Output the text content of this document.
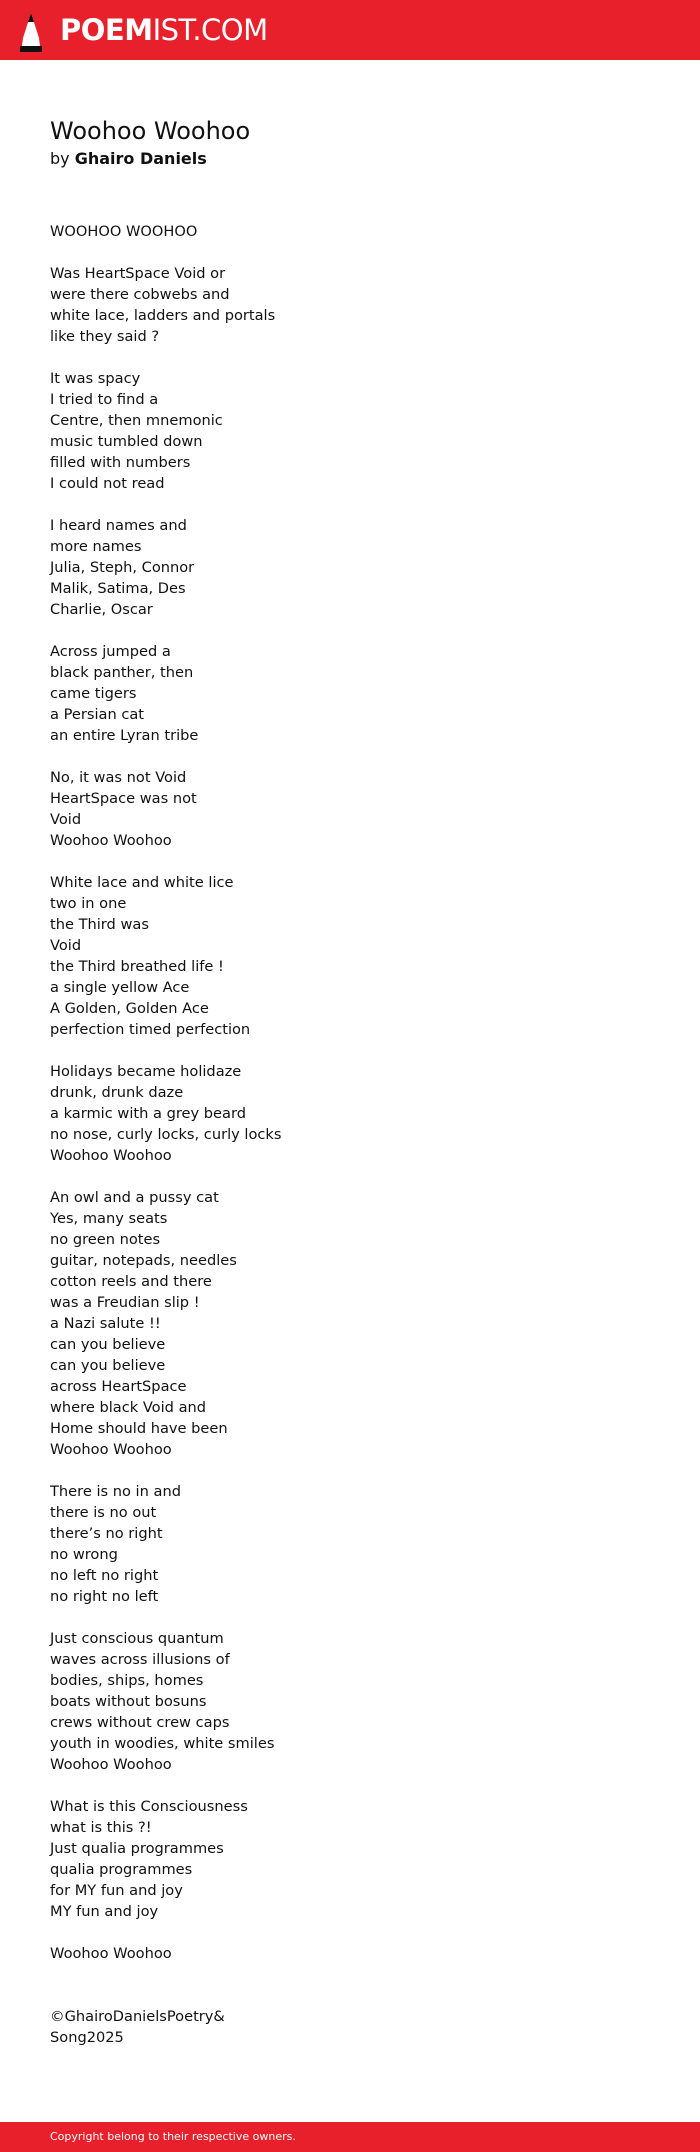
POEMIST.COM
Woohoo Woohoo

by Ghairo Daniels

WOOHOO WOOHOO
Was HeartSpace Void or
were there cobwebs and
white lace, ladders and portals
like they said ?
It was spacy
I tried to find a
Centre, then mnemonic
music tumbled down
filled with numbers
I could not read
I heard names and
more names
Julia, Steph, Connor
Malik, Satima, Des
Charlie, Oscar
Across jumped a
black panther, then
came tigers
a Persian cat
an entire Lyran tribe
No, it was not Void
HeartSpace was not
Void
Woohoo Woohoo
White lace and white lice
two in one
the Third was
Void
the Third breathed life !
a single yellow Ace
A Golden, Golden Ace
perfection timed perfection
Holidays became holidaze
drunk, drunk daze
a karmic with a grey beard
no nose, curly locks, curly locks
Woohoo Woohoo
An owl and a pussy cat
Yes, many seats
no green notes
guitar, notepads, needles
cotton reels and there
was a Freudian slip !
a Nazi salute !!
can you believe
can you believe
across HeartSpace
where black Void and
Home should have been
Woohoo Woohoo
There is no in and
there is no out
there’s no right
no wrong
no left no right
no right no left
Just conscious quantum
waves across illusions of
bodies, ships, homes
boats without bosuns
crews without crew caps
youth in woodies, white smiles
Woohoo Woohoo
What is this Consciousness
what is this ?!
Just qualia programmes
qualia programmes
for MY fun and joy
MY fun and joy
Woohoo Woohoo
©GhairoDanielsPoetry&
Song2025
Copyright belong to their respective owners.
